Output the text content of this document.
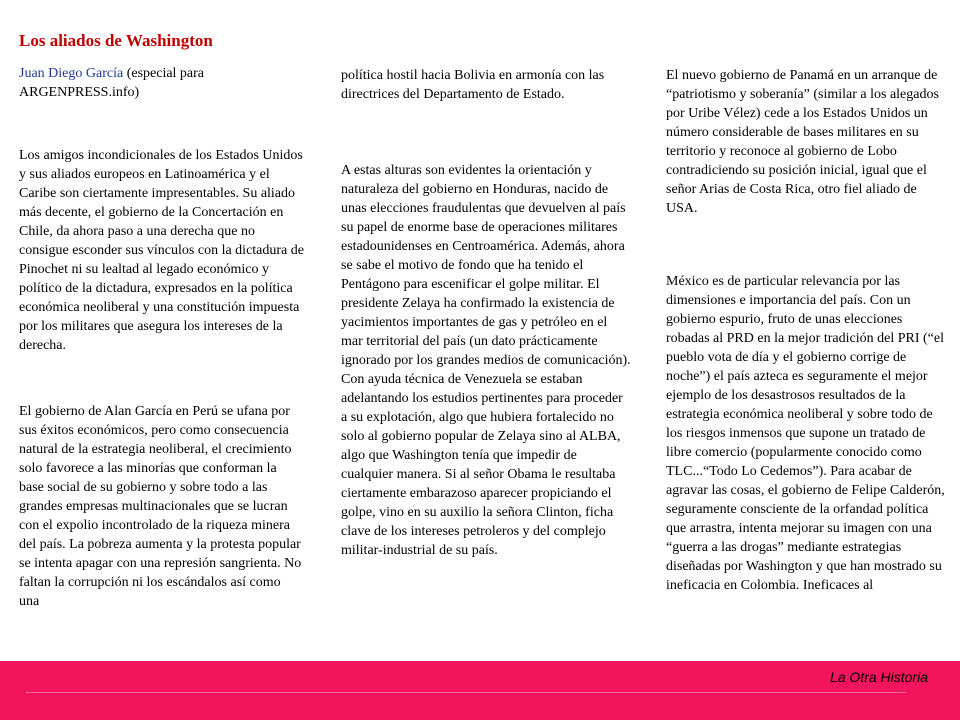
Los aliados de Washington

Juan Diego García (especial para ARGENPRESS.info)

Los amigos incondicionales de los Estados Unidos y sus aliados europeos en Latinoamérica y el Caribe son ciertamente impresentables. Su aliado más decente, el gobierno de la Concertación en Chile, da ahora paso a una derecha que no consigue esconder sus vínculos con la dictadura de Pinochet ni su lealtad al legado económico y político de la dictadura, expresados en la política económica neoliberal y una constitución impuesta por los militares que asegura los intereses de la derecha.

El gobierno de Alan García en Perú se ufana por sus éxitos económicos, pero como consecuencia natural de la estrategia neoliberal, el crecimiento solo favorece a las minorías que conforman la base social de su gobierno y sobre todo a las grandes empresas multinacionales que se lucran con el expolio incontrolado de la riqueza minera del país. La pobreza aumenta y la protesta popular se intenta apagar con una represión sangrienta. No faltan la corrupción ni los escándalos así como una

política hostil hacia Bolivia en armonía con las directrices del Departamento de Estado.

A estas alturas son evidentes la orientación y naturaleza del gobierno en Honduras, nacido de unas elecciones fraudulentas que devuelven al país su papel de enorme base de operaciones militares estadounidenses en Centroamérica. Además, ahora se sabe el motivo de fondo que ha tenido el Pentágono para escenificar el golpe militar. El presidente Zelaya ha confirmado la existencia de yacimientos importantes de gas y petróleo en el mar territorial del país (un dato prácticamente ignorado por los grandes medios de comunicación). Con ayuda técnica de Venezuela se estaban adelantando los estudios pertinentes para proceder a su explotación, algo que hubiera fortalecido no solo al gobierno popular de Zelaya sino al ALBA, algo que Washington tenía que impedir de cualquier manera. Si al señor Obama le resultaba ciertamente embarazoso aparecer propiciando el golpe, vino en su auxilio la señora Clinton, ficha clave de los intereses petroleros y del complejo militar-industrial de su país.

El nuevo gobierno de Panamá en un arranque de “patriotismo y soberanía” (similar a los alegados por Uribe Vélez) cede a los Estados Unidos un número considerable de bases militares en su territorio y reconoce al gobierno de Lobo contradiciendo su posición inicial, igual que el señor Arias de Costa Rica, otro fiel aliado de USA.

México es de particular relevancia por las dimensiones e importancia del país. Con un gobierno espurio, fruto de unas elecciones robadas al PRD en la mejor tradición del PRI (“el pueblo vota de día y el gobierno corrige de noche”) el país azteca es seguramente el mejor ejemplo de los desastrosos resultados de la estrategia económica neoliberal y sobre todo de los riesgos inmensos que supone un tratado de libre comercio (popularmente conocido como TLC...“Todo Lo Cedemos”). Para acabar de agravar las cosas, el gobierno de Felipe Calderón, seguramente consciente de la orfandad política que arrastra, intenta mejorar su imagen con una “guerra a las drogas” mediante estrategias diseñadas por Washington y que han mostrado su ineficacia en Colombia. Ineficaces al

La Otra Historia
